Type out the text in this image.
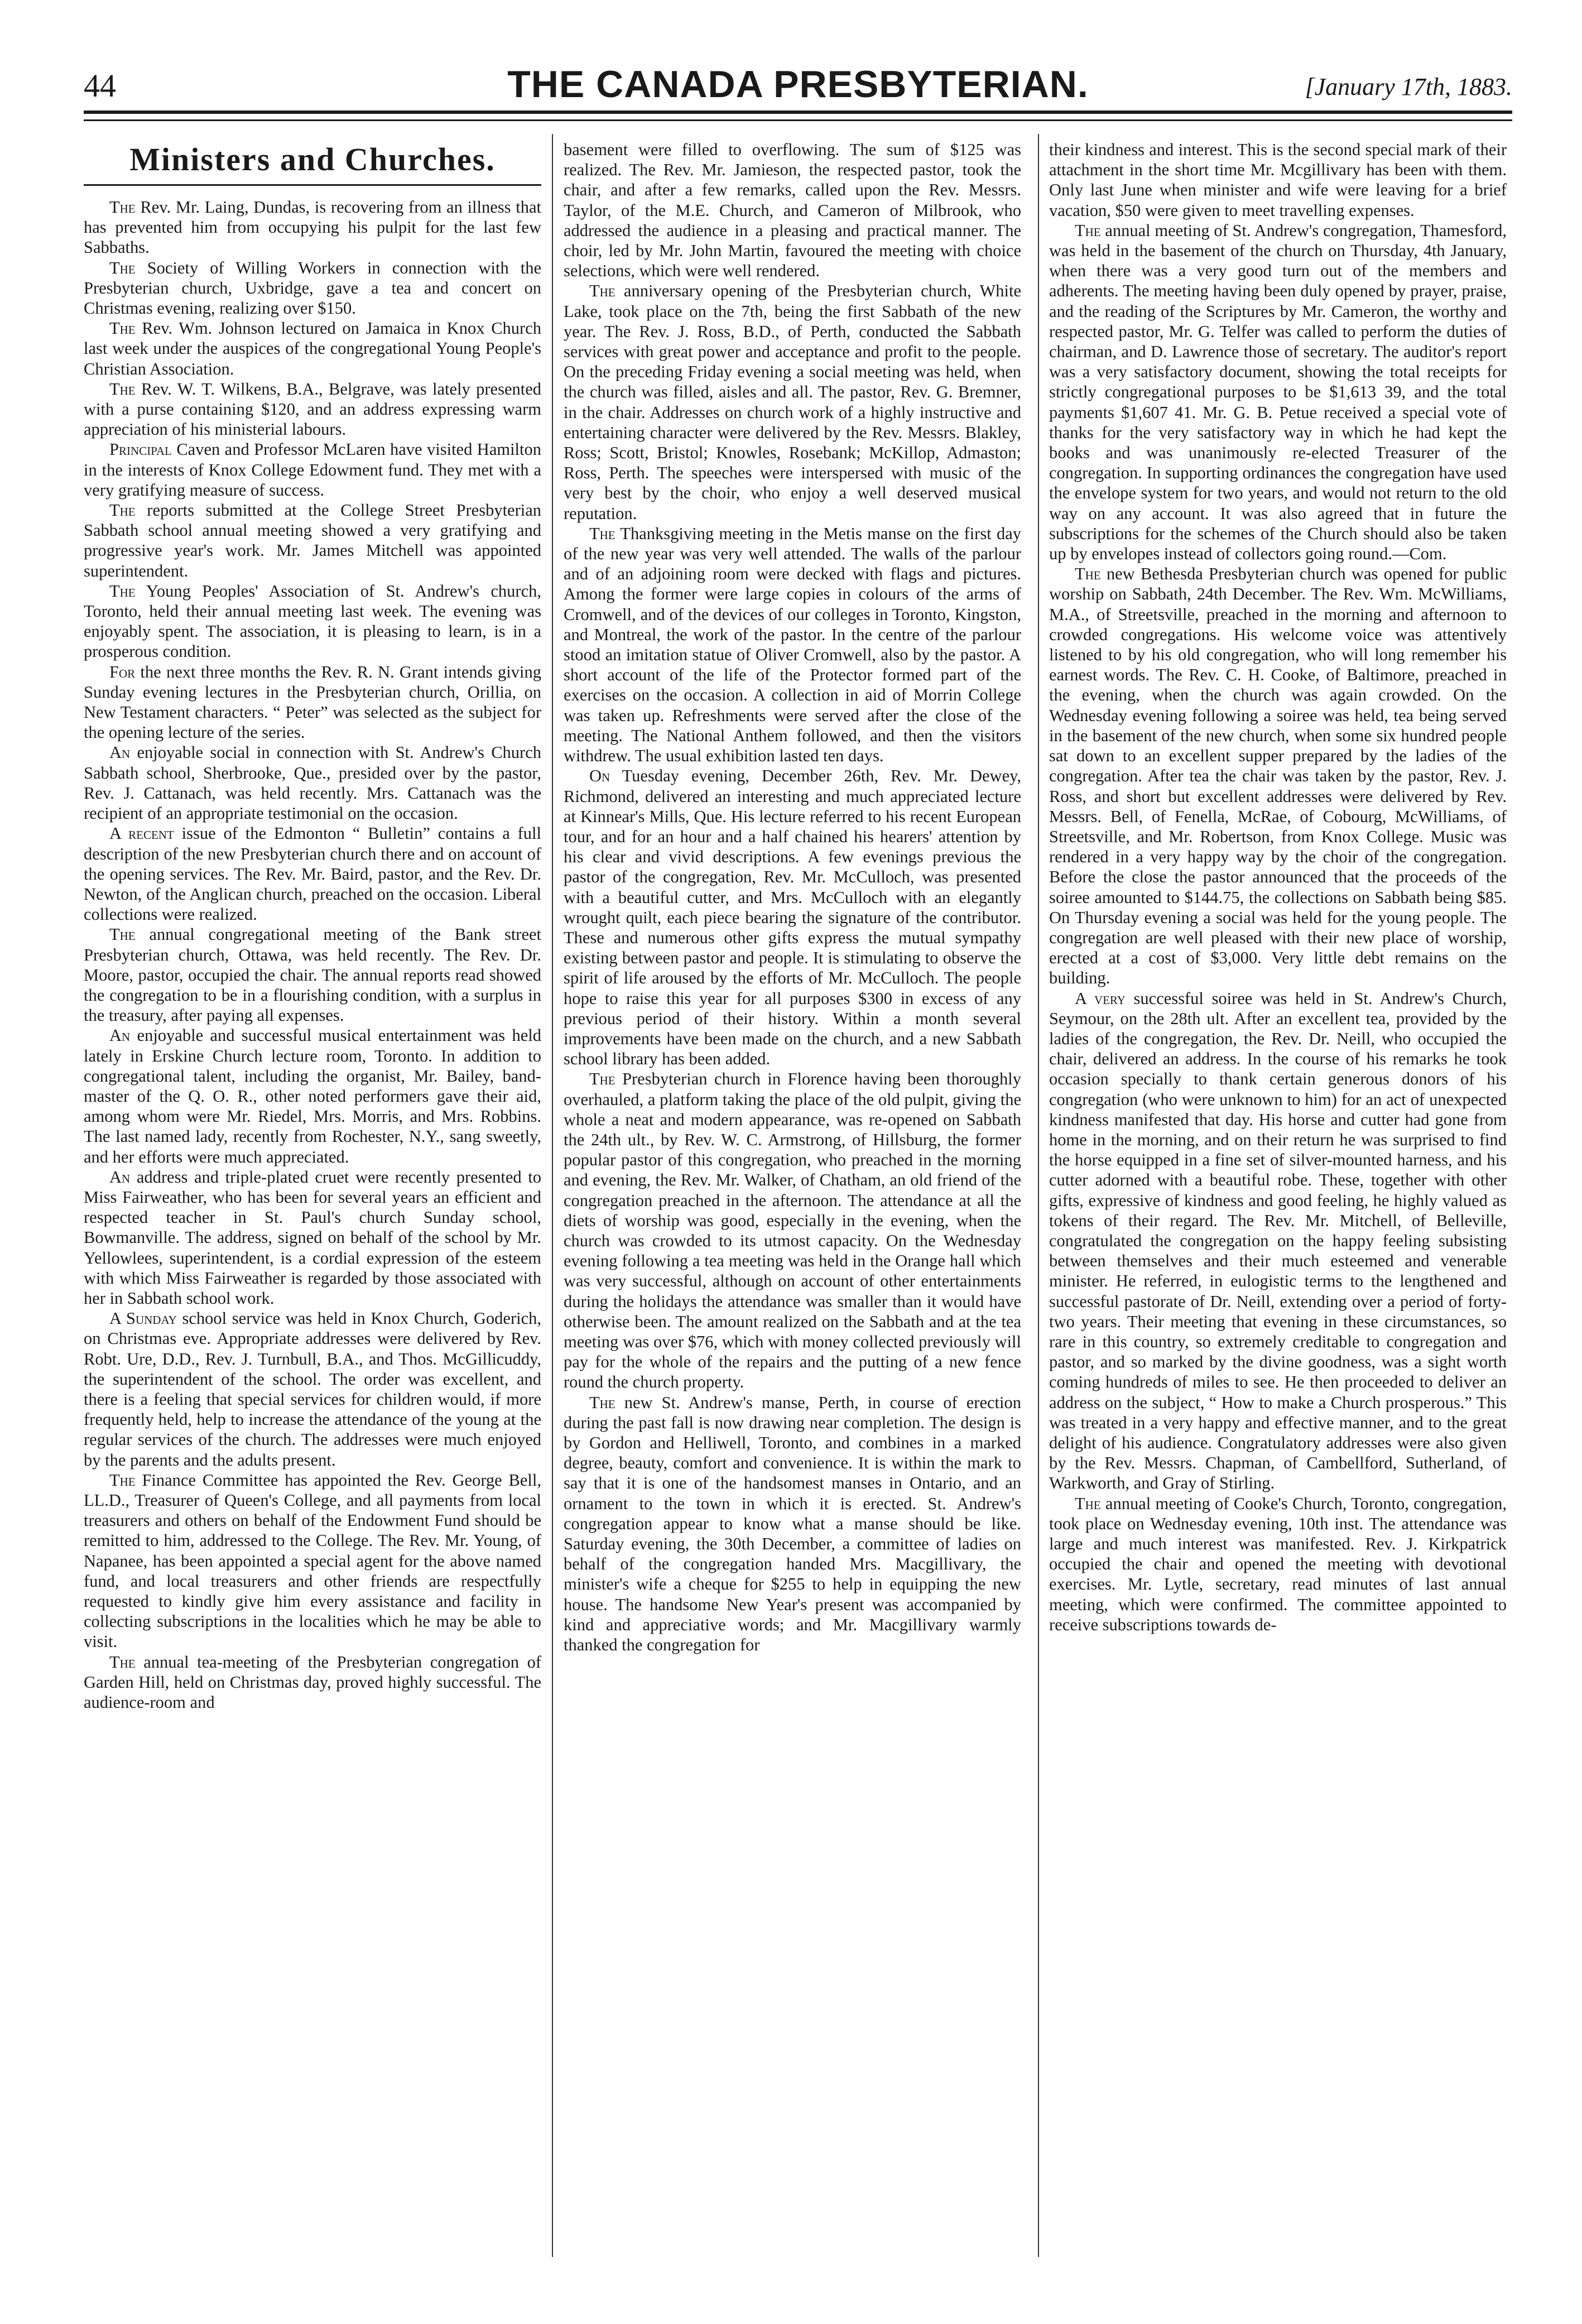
44	THE CANADA PRESBYTERIAN.	[January 17th, 1883.
Ministers and Churches.

The Rev. Mr. Laing, Dundas, is recovering from an illness that has prevented him from occupying his pulpit for the last few Sabbaths.

The Society of Willing Workers in connection with the Presbyterian church, Uxbridge, gave a tea and concert on Christmas evening, realizing over $150.

The Rev. Wm. Johnson lectured on Jamaica in Knox Church last week under the auspices of the congregational Young People's Christian Association.

The Rev. W. T. Wilkens, B.A., Belgrave, was lately presented with a purse containing $120, and an address expressing warm appreciation of his ministerial labours.

Principal Caven and Professor McLaren have visited Hamilton in the interests of Knox College Edowment fund. They met with a very gratifying measure of success.

The reports submitted at the College Street Presbyterian Sabbath school annual meeting showed a very gratifying and progressive year's work. Mr. James Mitchell was appointed superintendent.

The Young Peoples' Association of St. Andrew's church, Toronto, held their annual meeting last week. The evening was enjoyably spent. The association, it is pleasing to learn, is in a prosperous condition.

For the next three months the Rev. R. N. Grant intends giving Sunday evening lectures in the Presbyterian church, Orillia, on New Testament characters. “ Peter” was selected as the subject for the opening lecture of the series.

An enjoyable social in connection with St. Andrew's Church Sabbath school, Sherbrooke, Que., presided over by the pastor, Rev. J. Cattanach, was held recently. Mrs. Cattanach was the recipient of an appropriate testimonial on the occasion.

A recent issue of the Edmonton “ Bulletin” contains a full description of the new Presbyterian church there and on account of the opening services. The Rev. Mr. Baird, pastor, and the Rev. Dr. Newton, of the Anglican church, preached on the occasion. Liberal collections were realized.

The annual congregational meeting of the Bank street Presbyterian church, Ottawa, was held recently. The Rev. Dr. Moore, pastor, occupied the chair. The annual reports read showed the congregation to be in a flourishing condition, with a surplus in the treasury, after paying all expenses.

An enjoyable and successful musical entertainment was held lately in Erskine Church lecture room, Toronto. In addition to congregational talent, including the organist, Mr. Bailey, band-master of the Q. O. R., other noted performers gave their aid, among whom were Mr. Riedel, Mrs. Morris, and Mrs. Robbins. The last named lady, recently from Rochester, N.Y., sang sweetly, and her efforts were much appreciated.

An address and triple-plated cruet were recently presented to Miss Fairweather, who has been for several years an efficient and respected teacher in St. Paul's church Sunday school, Bowmanville. The address, signed on behalf of the school by Mr. Yellowlees, superintendent, is a cordial expression of the esteem with which Miss Fairweather is regarded by those associated with her in Sabbath school work.

A Sunday school service was held in Knox Church, Goderich, on Christmas eve. Appropriate addresses were delivered by Rev. Robt. Ure, D.D., Rev. J. Turnbull, B.A., and Thos. McGillicuddy, the superintendent of the school. The order was excellent, and there is a feeling that special services for children would, if more frequently held, help to increase the attendance of the young at the regular services of the church. The addresses were much enjoyed by the parents and the adults present.

The Finance Committee has appointed the Rev. George Bell, LL.D., Treasurer of Queen's College, and all payments from local treasurers and others on behalf of the Endowment Fund should be remitted to him, addressed to the College. The Rev. Mr. Young, of Napanee, has been appointed a special agent for the above named fund, and local treasurers and other friends are respectfully requested to kindly give him every assistance and facility in collecting subscriptions in the localities which he may be able to visit.

The annual tea-meeting of the Presbyterian congregation of Garden Hill, held on Christmas day, proved highly successful. The audience-room and

basement were filled to overflowing. The sum of $125 was realized. The Rev. Mr. Jamieson, the respected pastor, took the chair, and after a few remarks, called upon the Rev. Messrs. Taylor, of the M.E. Church, and Cameron of Milbrook, who addressed the audience in a pleasing and practical manner. The choir, led by Mr. John Martin, favoured the meeting with choice selections, which were well rendered.

The anniversary opening of the Presbyterian church, White Lake, took place on the 7th, being the first Sabbath of the new year. The Rev. J. Ross, B.D., of Perth, conducted the Sabbath services with great power and acceptance and profit to the people. On the preceding Friday evening a social meeting was held, when the church was filled, aisles and all. The pastor, Rev. G. Bremner, in the chair. Addresses on church work of a highly instructive and entertaining character were delivered by the Rev. Messrs. Blakley, Ross; Scott, Bristol; Knowles, Rosebank; McKillop, Admaston; Ross, Perth. The speeches were interspersed with music of the very best by the choir, who enjoy a well deserved musical reputation.

The Thanksgiving meeting in the Metis manse on the first day of the new year was very well attended. The walls of the parlour and of an adjoining room were decked with flags and pictures. Among the former were large copies in colours of the arms of Cromwell, and of the devices of our colleges in Toronto, Kingston, and Montreal, the work of the pastor. In the centre of the parlour stood an imitation statue of Oliver Cromwell, also by the pastor. A short account of the life of the Protector formed part of the exercises on the occasion. A collection in aid of Morrin College was taken up. Refreshments were served after the close of the meeting. The National Anthem followed, and then the visitors withdrew. The usual exhibition lasted ten days.

On Tuesday evening, December 26th, Rev. Mr. Dewey, Richmond, delivered an interesting and much appreciated lecture at Kinnear's Mills, Que. His lecture referred to his recent European tour, and for an hour and a half chained his hearers' attention by his clear and vivid descriptions. A few evenings previous the pastor of the congregation, Rev. Mr. McCulloch, was presented with a beautiful cutter, and Mrs. McCulloch with an elegantly wrought quilt, each piece bearing the signature of the contributor. These and numerous other gifts express the mutual sympathy existing between pastor and people. It is stimulating to observe the spirit of life aroused by the efforts of Mr. McCulloch. The people hope to raise this year for all purposes $300 in excess of any previous period of their history. Within a month several improvements have been made on the church, and a new Sabbath school library has been added.

The Presbyterian church in Florence having been thoroughly overhauled, a platform taking the place of the old pulpit, giving the whole a neat and modern appearance, was re-opened on Sabbath the 24th ult., by Rev. W. C. Armstrong, of Hillsburg, the former popular pastor of this congregation, who preached in the morning and evening, the Rev. Mr. Walker, of Chatham, an old friend of the congregation preached in the afternoon. The attendance at all the diets of worship was good, especially in the evening, when the church was crowded to its utmost capacity. On the Wednesday evening following a tea meeting was held in the Orange hall which was very successful, although on account of other entertainments during the holidays the attendance was smaller than it would have otherwise been. The amount realized on the Sabbath and at the tea meeting was over $76, which with money collected previously will pay for the whole of the repairs and the putting of a new fence round the church property.

The new St. Andrew's manse, Perth, in course of erection during the past fall is now drawing near completion. The design is by Gordon and Helliwell, Toronto, and combines in a marked degree, beauty, comfort and convenience. It is within the mark to say that it is one of the handsomest manses in Ontario, and an ornament to the town in which it is erected. St. Andrew's congregation appear to know what a manse should be like. Saturday evening, the 30th December, a committee of ladies on behalf of the congregation handed Mrs. Macgillivary, the minister's wife a cheque for $255 to help in equipping the new house. The handsome New Year's present was accompanied by kind and appreciative words; and Mr. Macgillivary warmly thanked the congregation for

their kindness and interest. This is the second special mark of their attachment in the short time Mr. Mcgillivary has been with them. Only last June when minister and wife were leaving for a brief vacation, $50 were given to meet travelling expenses.

The annual meeting of St. Andrew's congregation, Thamesford, was held in the basement of the church on Thursday, 4th January, when there was a very good turn out of the members and adherents. The meeting having been duly opened by prayer, praise, and the reading of the Scriptures by Mr. Cameron, the worthy and respected pastor, Mr. G. Telfer was called to perform the duties of chairman, and D. Lawrence those of secretary. The auditor's report was a very satisfactory document, showing the total receipts for strictly congregational purposes to be $1,613 39, and the total payments $1,607 41. Mr. G. B. Petue received a special vote of thanks for the very satisfactory way in which he had kept the books and was unanimously re-elected Treasurer of the congregation. In supporting ordinances the congregation have used the envelope system for two years, and would not return to the old way on any account. It was also agreed that in future the subscriptions for the schemes of the Church should also be taken up by envelopes instead of collectors going round.—Com.

The new Bethesda Presbyterian church was opened for public worship on Sabbath, 24th December. The Rev. Wm. McWilliams, M.A., of Streetsville, preached in the morning and afternoon to crowded congregations. His welcome voice was attentively listened to by his old congregation, who will long remember his earnest words. The Rev. C. H. Cooke, of Baltimore, preached in the evening, when the church was again crowded. On the Wednesday evening following a soiree was held, tea being served in the basement of the new church, when some six hundred people sat down to an excellent supper prepared by the ladies of the congregation. After tea the chair was taken by the pastor, Rev. J. Ross, and short but excellent addresses were delivered by Rev. Messrs. Bell, of Fenella, McRae, of Cobourg, McWilliams, of Streetsville, and Mr. Robertson, from Knox College. Music was rendered in a very happy way by the choir of the congregation. Before the close the pastor announced that the proceeds of the soiree amounted to $144.75, the collections on Sabbath being $85. On Thursday evening a social was held for the young people. The congregation are well pleased with their new place of worship, erected at a cost of $3,000. Very little debt remains on the building.

A very successful soiree was held in St. Andrew's Church, Seymour, on the 28th ult. After an excellent tea, provided by the ladies of the congregation, the Rev. Dr. Neill, who occupied the chair, delivered an address. In the course of his remarks he took occasion specially to thank certain generous donors of his congregation (who were unknown to him) for an act of unexpected kindness manifested that day. His horse and cutter had gone from home in the morning, and on their return he was surprised to find the horse equipped in a fine set of silver-mounted harness, and his cutter adorned with a beautiful robe. These, together with other gifts, expressive of kindness and good feeling, he highly valued as tokens of their regard. The Rev. Mr. Mitchell, of Belleville, congratulated the congregation on the happy feeling subsisting between themselves and their much esteemed and venerable minister. He referred, in eulogistic terms to the lengthened and successful pastorate of Dr. Neill, extending over a period of forty-two years. Their meeting that evening in these circumstances, so rare in this country, so extremely creditable to congregation and pastor, and so marked by the divine goodness, was a sight worth coming hundreds of miles to see. He then proceeded to deliver an address on the subject, “ How to make a Church prosperous.” This was treated in a very happy and effective manner, and to the great delight of his audience. Congratulatory addresses were also given by the Rev. Messrs. Chapman, of Cambellford, Sutherland, of Warkworth, and Gray of Stirling.

The annual meeting of Cooke's Church, Toronto, congregation, took place on Wednesday evening, 10th inst. The attendance was large and much interest was manifested. Rev. J. Kirkpatrick occupied the chair and opened the meeting with devotional exercises. Mr. Lytle, secretary, read minutes of last annual meeting, which were confirmed. The committee appointed to receive subscriptions towards de-
